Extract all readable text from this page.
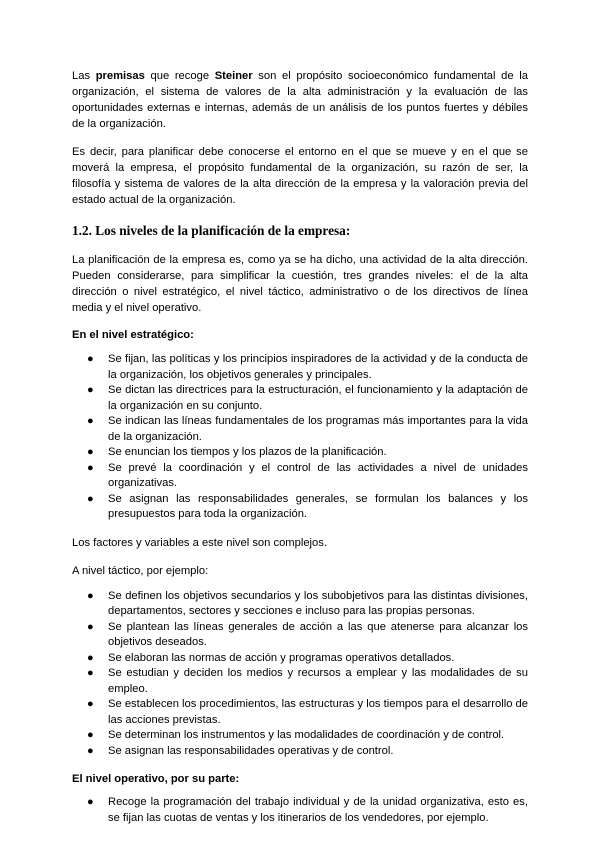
Las premisas que recoge Steiner son el propósito socioeconómico fundamental de la organización, el sistema de valores de la alta administración y la evaluación de las oportunidades externas e internas, además de un análisis de los puntos fuertes y débiles de la organización.

Es decir, para planificar debe conocerse el entorno en el que se mueve y en el que se moverá la empresa, el propósito fundamental de la organización, su razón de ser, la filosofía y sistema de valores de la alta dirección de la empresa y la valoración previa del estado actual de la organización.

1.2. Los niveles de la planificación de la empresa:

La planificación de la empresa es, como ya se ha dicho, una actividad de la alta dirección. Pueden considerarse, para simplificar la cuestión, tres grandes niveles: el de la alta dirección o nivel estratégico, el nivel táctico, administrativo o de los directivos de línea media y el nivel operativo.

En el nivel estratégico:

● Se fijan, las políticas y los principios inspiradores de la actividad y de la conducta de la organización, los objetivos generales y principales.
● Se dictan las directrices para la estructuración, el funcionamiento y la adaptación de la organización en su conjunto.
● Se indican las líneas fundamentales de los programas más importantes para la vida de la organización.
● Se enuncian los tiempos y los plazos de la planificación.
● Se prevé la coordinación y el control de las actividades a nivel de unidades organizativas.
● Se asignan las responsabilidades generales, se formulan los balances y los presupuestos para toda la organización.

Los factores y variables a este nivel son complejos.

A nivel táctico, por ejemplo:

● Se definen los objetivos secundarios y los subobjetivos para las distintas divisiones, departamentos, sectores y secciones e incluso para las propias personas.
● Se plantean las líneas generales de acción a las que atenerse para alcanzar los objetivos deseados.
● Se elaboran las normas de acción y programas operativos detallados.
● Se estudian y deciden los medios y recursos a emplear y las modalidades de su empleo.
● Se establecen los procedimientos, las estructuras y los tiempos para el desarrollo de las acciones previstas.
● Se determinan los instrumentos y las modalidades de coordinación y de control.
● Se asignan las responsabilidades operativas y de control.

El nivel operativo, por su parte:

● Recoge la programación del trabajo individual y de la unidad organizativa, esto es, se fijan las cuotas de ventas y los itinerarios de los vendedores, por ejemplo.
